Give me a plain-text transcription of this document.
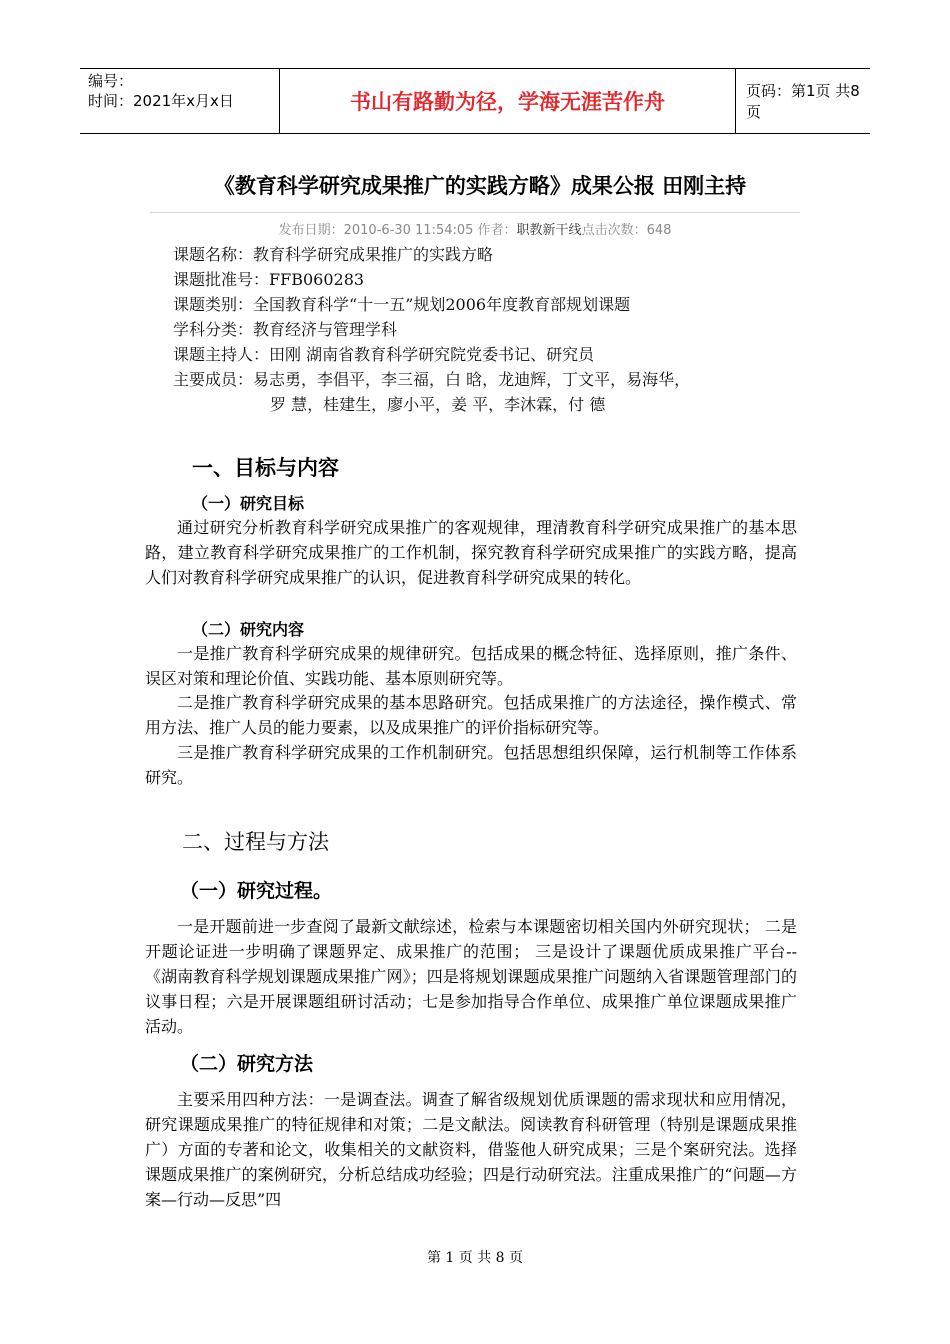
编号：
时间：2021年x月x日	书山有路勤为径，学海无涯苦作舟	页码：第1页 共8页
《教育科学研究成果推广的实践方略》成果公报 田刚主持
发布日期：2010-6-30 11:54:05 作者：职教新干线点击次数：648
课题名称： 教育科学研究成果推广的实践方略
课题批准号： FFB060283
课题类别： 全国教育科学“十一五”规划2006年度教育部规划课题
学科分类： 教育经济与管理学科
课题主持人： 田刚 湖南省教育科学研究院党委书记、研究员
主要成员： 易志勇，李倡平，李三福，白 晗，龙迪辉，丁文平，易海华，
罗 慧，桂建生，廖小平，姜 平，李沐霖，付 德
一、目标与内容
（一）研究目标
通过研究分析教育科学研究成果推广的客观规律，理清教育科学研究成果推广的基本思路，建立教育科学研究成果推广的工作机制，探究教育科学研究成果推广的实践方略，提高人们对教育科学研究成果推广的认识，促进教育科学研究成果的转化。
（二）研究内容
一是推广教育科学研究成果的规律研究。包括成果的概念特征、选择原则，推广条件、误区对策和理论价值、实践功能、基本原则研究等。
二是推广教育科学研究成果的基本思路研究。包括成果推广的方法途径，操作模式、常用方法、推广人员的能力要素，以及成果推广的评价指标研究等。
三是推广教育科学研究成果的工作机制研究。包括思想组织保障，运行机制等工作体系研究。
二、过程与方法
（一）研究过程。
一是开题前进一步查阅了最新文献综述，检索与本课题密切相关国内外研究现状； 二是开题论证进一步明确了课题界定、成果推广的范围； 三是设计了课题优质成果推广平台--《湖南教育科学规划课题成果推广网》；四是将规划课题成果推广问题纳入省课题管理部门的议事日程；六是开展课题组研讨活动；七是参加指导合作单位、成果推广单位课题成果推广活动。
（二）研究方法
主要采用四种方法：一是调查法。调查了解省级规划优质课题的需求现状和应用情况，研究课题成果推广的特征规律和对策；二是文献法。阅读教育科研管理（特别是课题成果推广）方面的专著和论文，收集相关的文献资料，借鉴他人研究成果；三是个案研究法。选择课题成果推广的案例研究，分析总结成功经验；四是行动研究法。注重成果推广的“问题—方案—行动—反思”四
第 1 页 共 8 页
